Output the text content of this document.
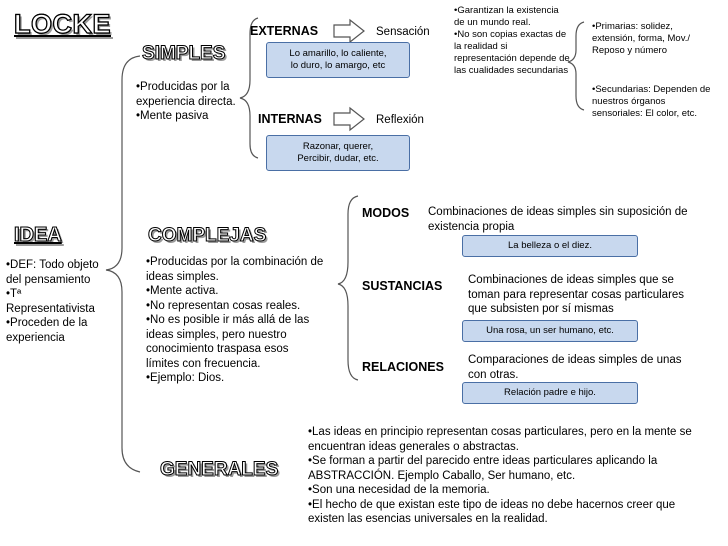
LOCKE
IDEA
• DEF: Todo objeto del pensamiento
• Tª Representativista
• Proceden de la experiencia
SIMPLES
• Producidas por la experiencia directa.
• Mente pasiva
EXTERNAS	Sensación
Lo amarillo, lo caliente,
lo duro, lo amargo, etc
INTERNAS	Reflexión
Razonar, querer,
Percibir, dudar, etc.
• Garantizan la existencia de un mundo real.
• No son copias exactas de la realidad si representación depende de las cualidades secundarias
•Primarias: solidez, extensión, forma, Mov./ Reposo y número
•Secundarias: Dependen de nuestros órganos sensoriales: El color, etc.
COMPLEJAS
• Producidas por la combinación de ideas simples.
• Mente activa.
• No representan cosas reales.
• No es posible ir más allá de las ideas simples, pero nuestro conocimiento traspasa esos límites con frecuencia.
• Ejemplo: Dios.
MODOS Combinaciones de ideas simples sin suposición de existencia propia
La belleza o el diez.
SUSTANCIAS Combinaciones de ideas simples que se toman para representar cosas particulares que subsisten por sí mismas
Una rosa, un ser humano, etc.
RELACIONES Comparaciones de ideas simples de unas con otras.
Relación padre e hijo.
GENERALES
• Las ideas en principio representan cosas particulares, pero en la mente se encuentran ideas generales o abstractas.
• Se forman a partir del parecido entre ideas particulares aplicando la ABSTRACCIÓN. Ejemplo Caballo, Ser humano, etc.
• Son una necesidad de la memoria.
• El hecho de que existan este tipo de ideas no debe hacernos creer que existen las esencias universales en la realidad.
